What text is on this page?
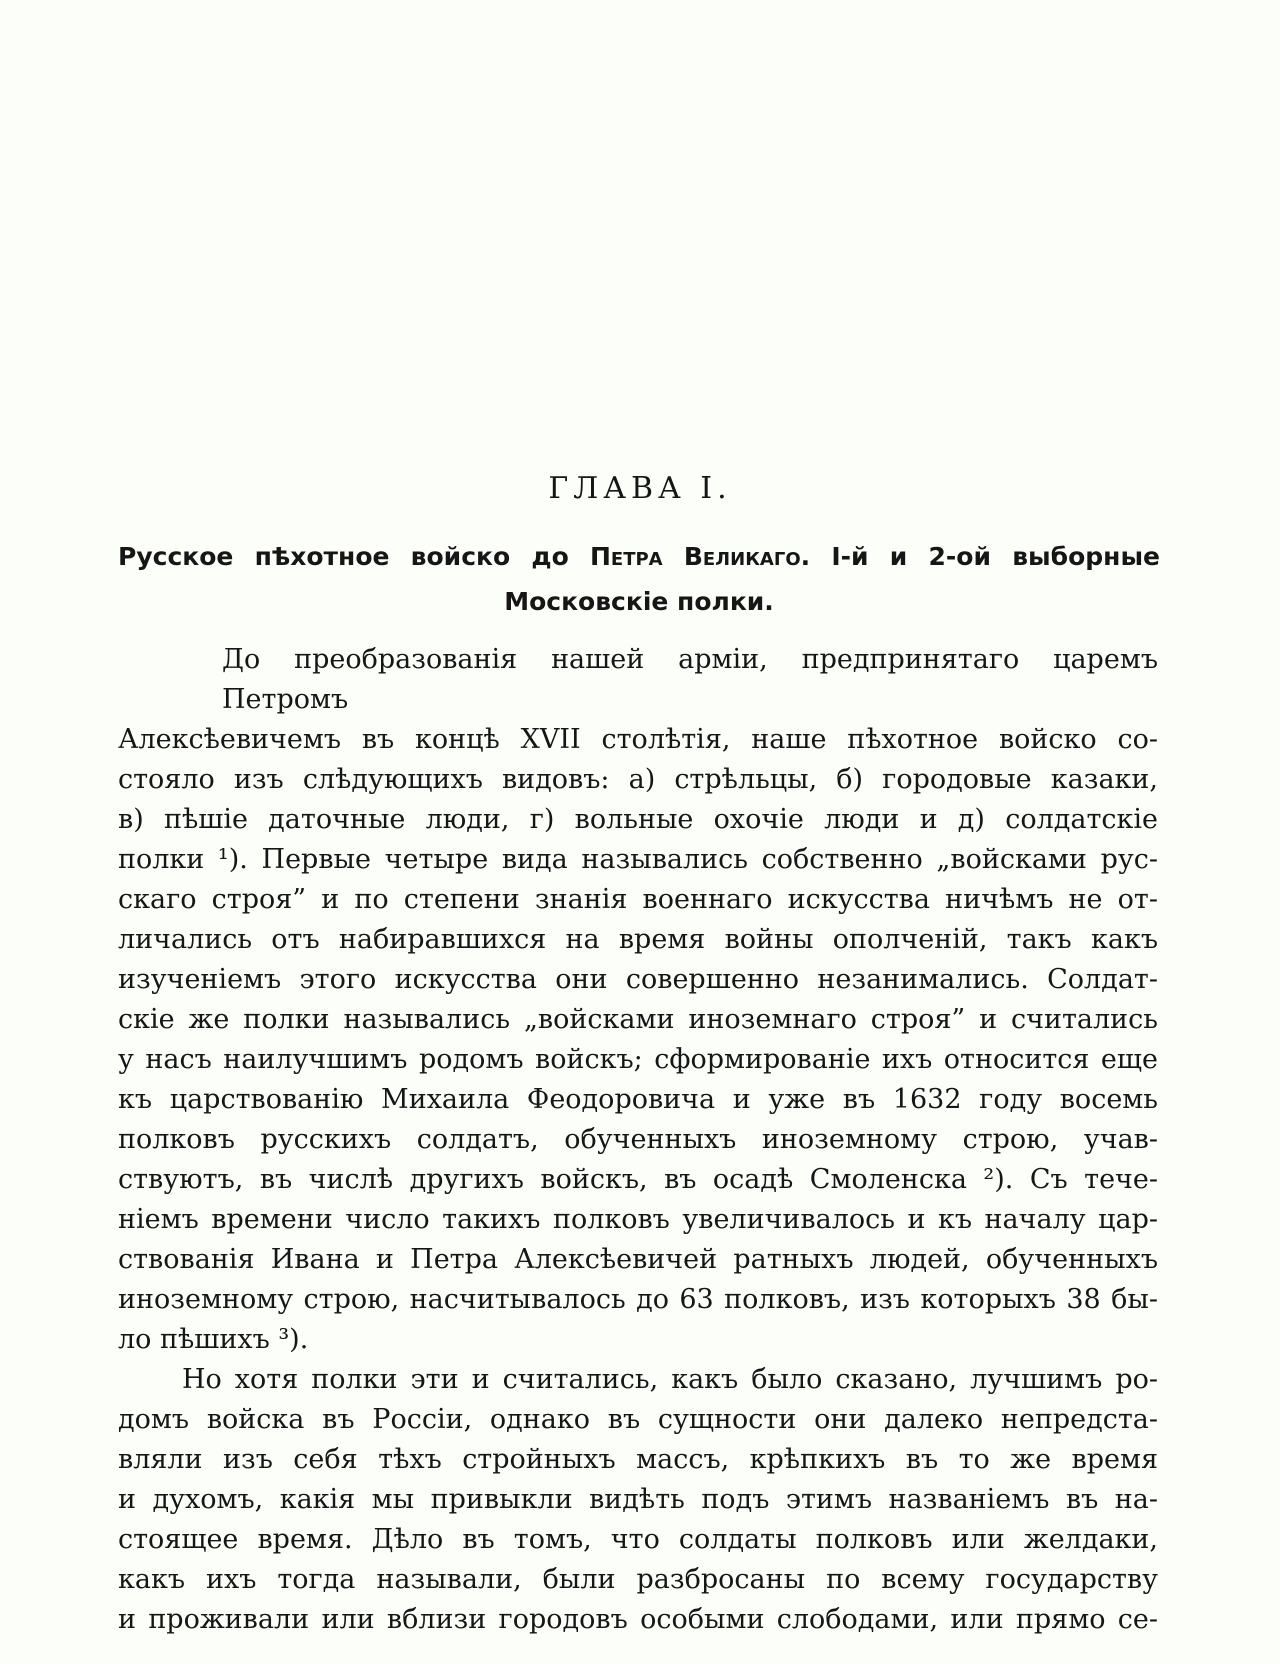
ГЛАВА I.
Русское пѣхотное войско до Петра Великаго. І-й и 2-ой выборные
Московскіе полки.
До преобразованія нашей арміи, предпринятаго царемъ Петромъ
Алексѣевичемъ въ концѣ XVII столѣтія, наше пѣхотное войско со-
стояло изъ слѣдующихъ видовъ: а) стрѣльцы, б) городовые казаки,
в) пѣшіе даточные люди, г) вольные охочіе люди и д) солдатскіе
полки ¹). Первые четыре вида назывались собственно „войсками рус-
скаго строя” и по степени знанія военнаго искусства ничѣмъ не от-
личались отъ набиравшихся на время войны ополченій, такъ какъ
изученіемъ этого искусства они совершенно незанимались. Солдат-
скіе же полки назывались „войсками иноземнаго строя” и считались
у насъ наилучшимъ родомъ войскъ; сформированіе ихъ относится еще
къ царствованію Михаила Феодоровича и уже въ 1632 году восемь
полковъ русскихъ солдатъ, обученныхъ иноземному строю, учав-
ствуютъ, въ числѣ другихъ войскъ, въ осадѣ Смоленска ²). Съ тече-
ніемъ времени число такихъ полковъ увеличивалось и къ началу цар-
ствованія Ивана и Петра Алексѣевичей ратныхъ людей, обученныхъ
иноземному строю, насчитывалось до 63 полковъ, изъ которыхъ 38 бы-
ло пѣшихъ ³).
Но хотя полки эти и считались, какъ было сказано, лучшимъ ро-
домъ войска въ Россіи, однако въ сущности они далеко непредста-
вляли изъ себя тѣхъ стройныхъ массъ, крѣпкихъ въ то же время
и духомъ, какія мы привыкли видѣть подъ этимъ названіемъ въ на-
стоящее время. Дѣло въ томъ, что солдаты полковъ или желдаки,
какъ ихъ тогда называли, были разбросаны по всему государству
и проживали или вблизи городовъ особыми слободами, или прямо се-
